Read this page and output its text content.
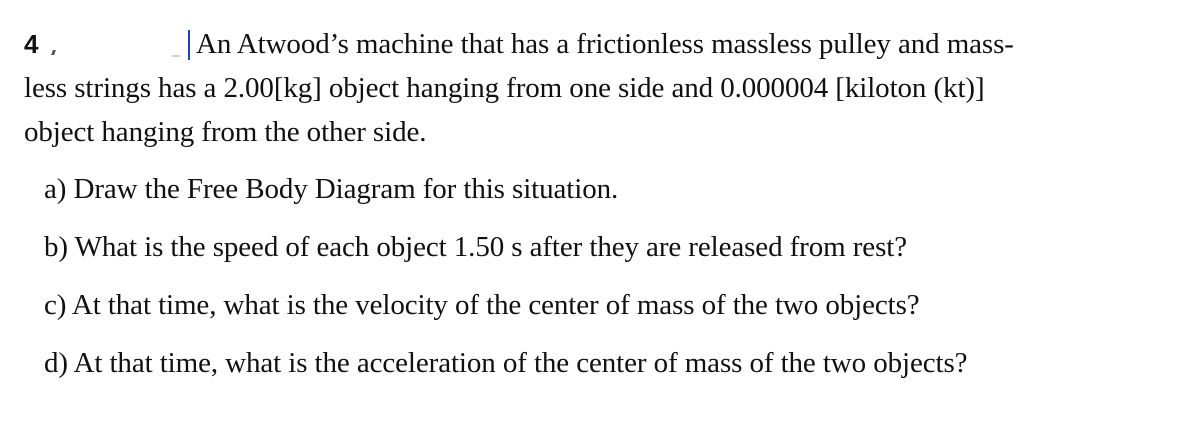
4	An Atwood’s machine that has a frictionless massless pulley and mass-
less strings has a 2.00[kg] object hanging from one side and 0.000004 [kiloton (kt)]
object hanging from the other side.
a) Draw the Free Body Diagram for this situation.
b) What is the speed of each object 1.50 s after they are released from rest?
c) At that time, what is the velocity of the center of mass of the two objects?
d) At that time, what is the acceleration of the center of mass of the two objects?
